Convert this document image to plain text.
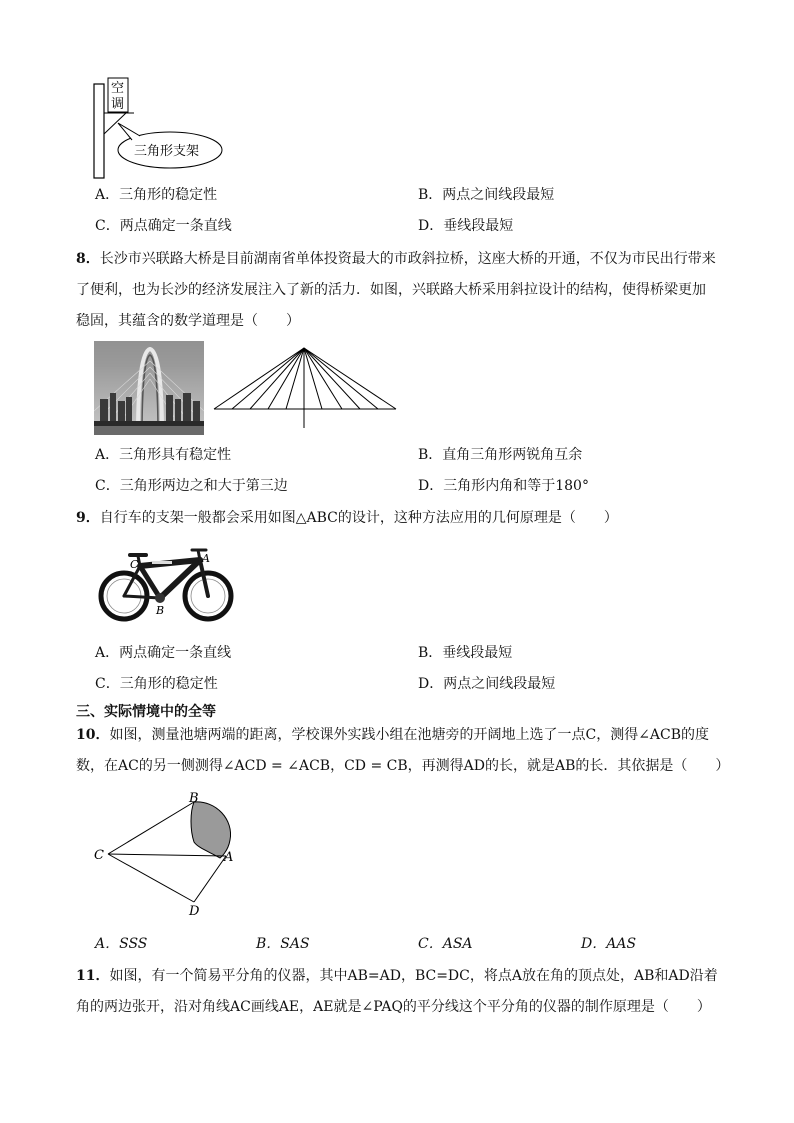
空
调
三角形支架
A．三角形的稳定性	B．两点之间线段最短
C．两点确定一条直线	D．垂线段最短
8．长沙市兴联路大桥是目前湖南省单体投资最大的市政斜拉桥，这座大桥的开通，不仅为市民出行带来
了便利，也为长沙的经济发展注入了新的活力．如图，兴联路大桥采用斜拉设计的结构，使得桥梁更加
稳固，其蕴含的数学道理是（　　）
A．三角形具有稳定性	B．直角三角形两锐角互余
C．三角形两边之和大于第三边	D．三角形内角和等于180°
9．自行车的支架一般都会采用如图△ABC的设计，这种方法应用的几何原理是（　　）
C	A
B
A．两点确定一条直线	B．垂线段最短
C．三角形的稳定性	D．两点之间线段最短
三、实际情境中的全等
10．如图，测量池塘两端的距离，学校课外实践小组在池塘旁的开阔地上选了一点C，测得∠ACB的度
数，在AC的另一侧测得∠ACD = ∠ACB，CD = CB，再测得AD的长，就是AB的长．其依据是（　　）
B
C	A
D
A．SSS	B．SAS	C．ASA	D．AAS
11．如图，有一个简易平分角的仪器，其中AB=AD，BC=DC，将点A放在角的顶点处，AB和AD沿着
角的两边张开，沿对角线AC画线AE，AE就是∠PAQ的平分线这个平分角的仪器的制作原理是（　　）
